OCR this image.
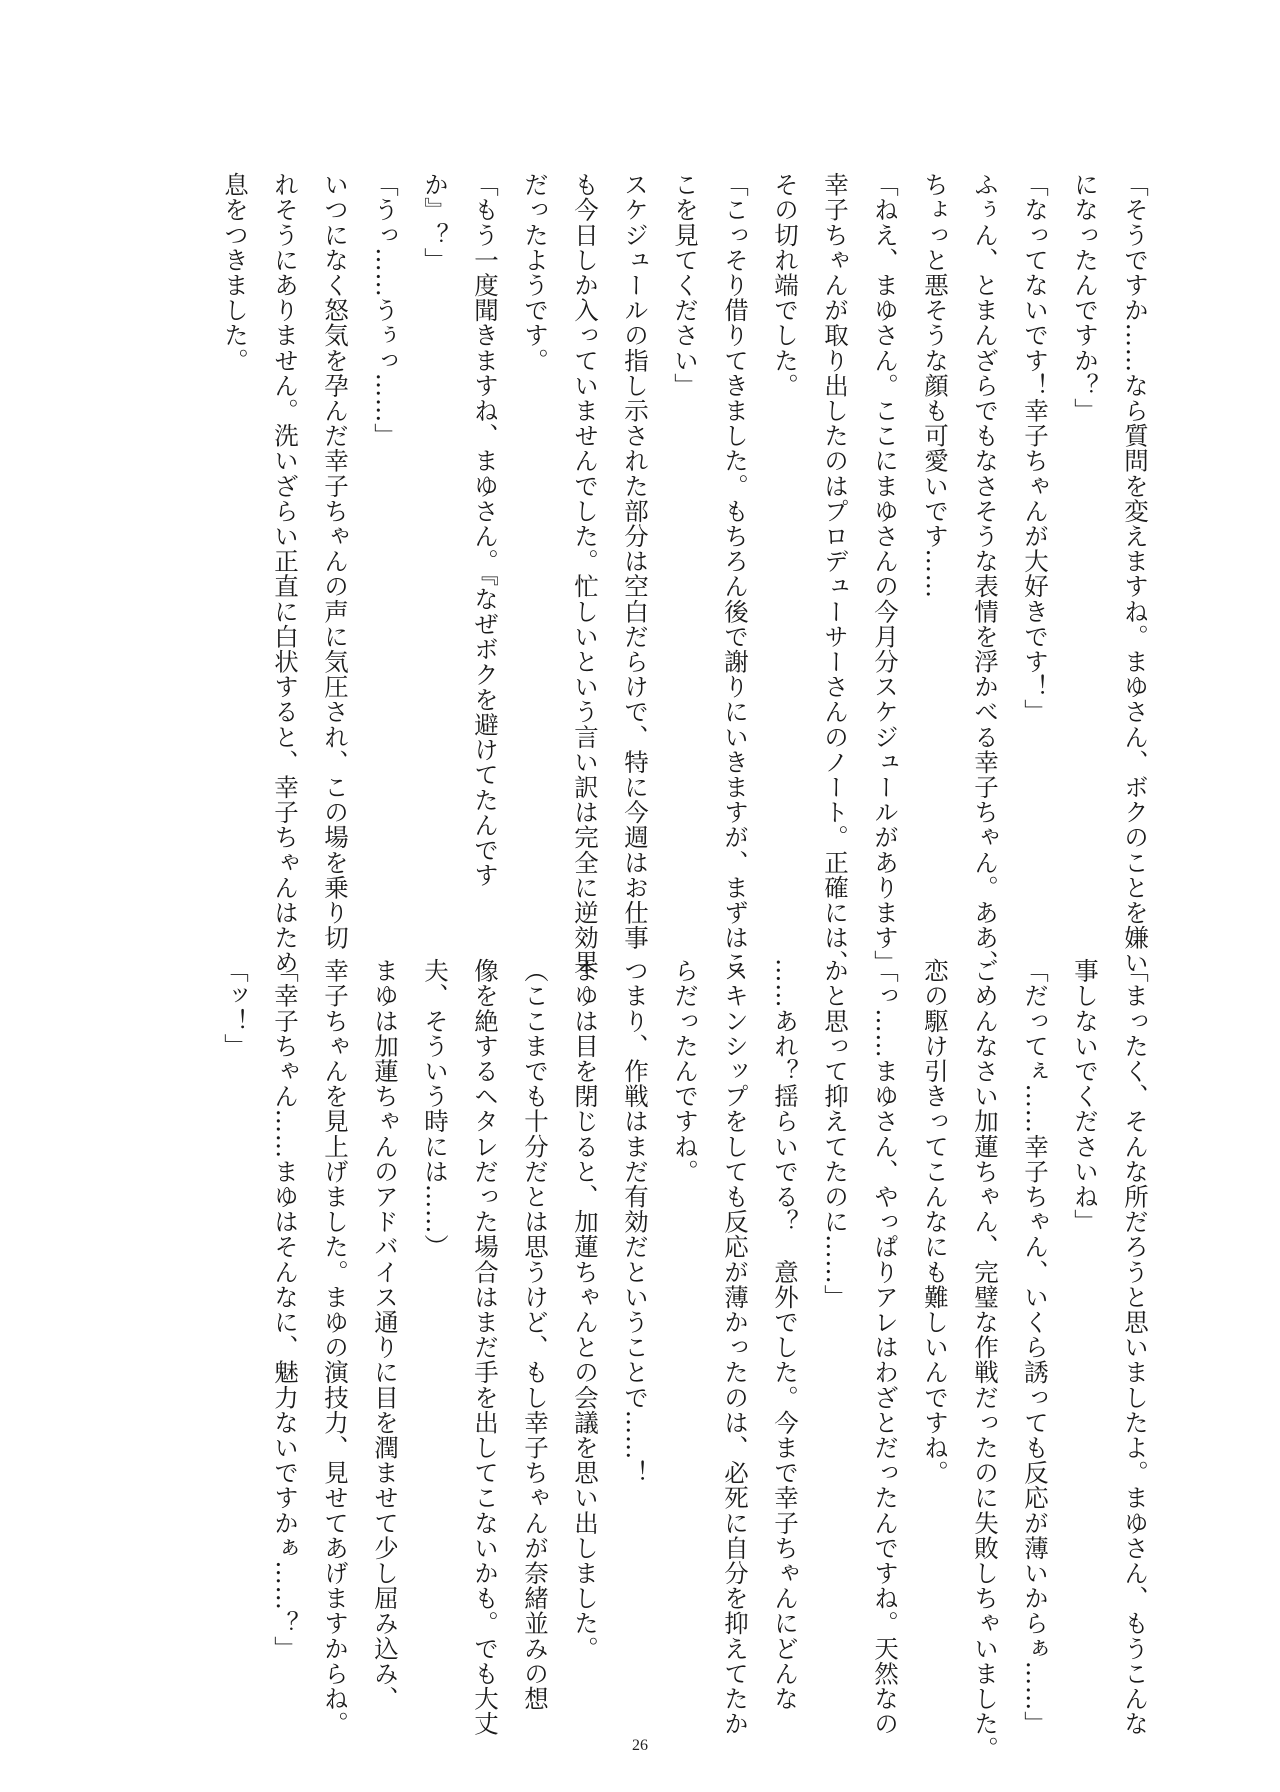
「そうですか……なら質問を変えますね。まゆさん、ボクのことを嫌い
になったんですか？」
「なってないです！幸子ちゃんが大好きです！」
ふぅん、とまんざらでもなさそうな表情を浮かべる幸子ちゃん。ああ、
ちょっと悪そうな顔も可愛いです……
「ねえ、まゆさん。ここにまゆさんの今月分スケジュールがあります」
幸子ちゃんが取り出したのはプロデューサーさんのノート。正確には、
その切れ端でした。
「こっそり借りてきました。もちろん後で謝りにいきますが、まずはこ
こを見てください」
スケジュールの指し示された部分は空白だらけで、特に今週はお仕事
も今日しか入っていませんでした。忙しいという言い訳は完全に逆効果
だったようです。
「もう一度聞きますね、まゆさん。『なぜボクを避けてたんです
か』？」
「うっ……うぅっ……」
いつになく怒気を孕んだ幸子ちゃんの声に気圧され、この場を乗り切
れそうにありません。洗いざらい正直に白状すると、幸子ちゃんはため
息をつきました。
「まったく、そんな所だろうと思いましたよ。まゆさん、もうこんな
事しないでくださいね」
「だってぇ……幸子ちゃん、いくら誘っても反応が薄いからぁ……」
ごめんなさい加蓮ちゃん、完璧な作戦だったのに失敗しちゃいました。
恋の駆け引きってこんなにも難しいんですね。
「っ……まゆさん、やっぱりアレはわざとだったんですね。天然なの
かと思って抑えてたのに……」
……あれ？揺らいでる？　意外でした。今まで幸子ちゃんにどんな
スキンシップをしても反応が薄かったのは、必死に自分を抑えてたか
らだったんですね。
つまり、作戦はまだ有効だということで……！
まゆは目を閉じると、加蓮ちゃんとの会議を思い出しました。
（ここまでも十分だとは思うけど、もし幸子ちゃんが奈緒並みの想
像を絶するヘタレだった場合はまだ手を出してこないかも。でも大丈
夫、そういう時には……）
まゆは加蓮ちゃんのアドバイス通りに目を潤ませて少し屈み込み、
幸子ちゃんを見上げました。まゆの演技力、見せてあげますからね。
「幸子ちゃん……まゆはそんなに、魅力ないですかぁ……？」
「ッ！」
26
